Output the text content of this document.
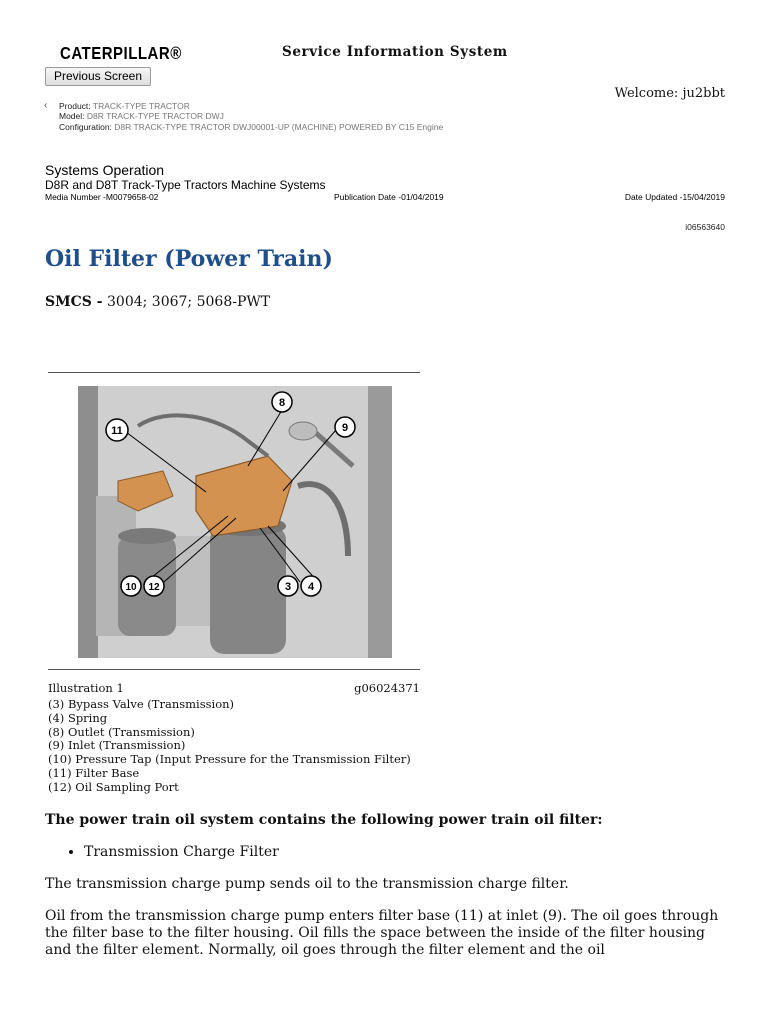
CATERPILLAR®	Service Information System
Previous Screen
Welcome: ju2bbt
‹	Product: TRACK-TYPE TRACTOR
Model: D8R TRACK-TYPE TRACTOR DWJ
Configuration: D8R TRACK-TYPE TRACTOR DWJ00001-UP (MACHINE) POWERED BY C15 Engine
Systems Operation
D8R and D8T Track-Type Tractors Machine Systems
Media Number -M0079658-02	Publication Date -01/04/2019	Date Updated -15/04/2019
i06563640
Oil Filter (Power Train)
SMCS - 3004; 3067; 5068-PWT
8
11	9
10 12	3 4
Illustration 1	g06024371
(3) Bypass Valve (Transmission)
(4) Spring
(8) Outlet (Transmission)
(9) Inlet (Transmission)
(10) Pressure Tap (Input Pressure for the Transmission Filter)
(11) Filter Base
(12) Oil Sampling Port
The power train oil system contains the following power train oil filter:
• Transmission Charge Filter

The transmission charge pump sends oil to the transmission charge filter.

Oil from the transmission charge pump enters filter base (11) at inlet (9). The oil goes through the filter base to the filter housing. Oil fills the space between the inside of the filter housing and the filter element. Normally, oil goes through the filter element and the oil
